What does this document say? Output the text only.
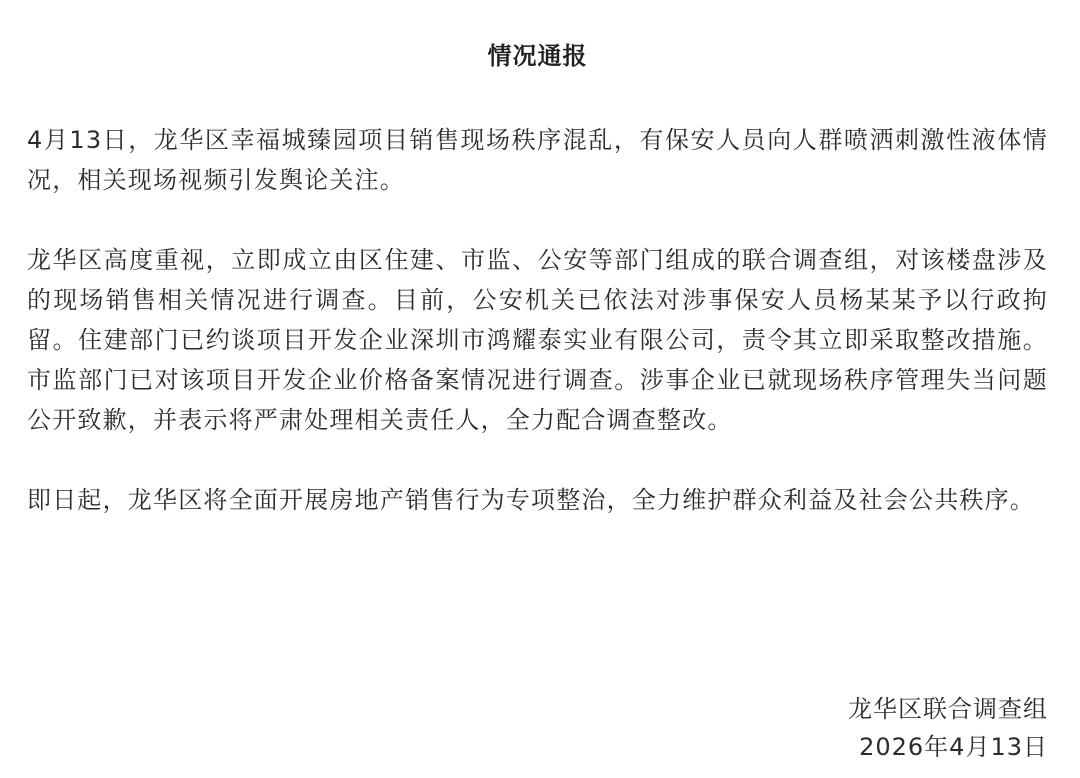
情况通报

4月13日，龙华区幸福城臻园项目销售现场秩序混乱，有保安人员向人群喷洒刺激性液体情况，相关现场视频引发舆论关注。

龙华区高度重视，立即成立由区住建、市监、公安等部门组成的联合调查组，对该楼盘涉及的现场销售相关情况进行调查。目前，公安机关已依法对涉事保安人员杨某某予以行政拘留。住建部门已约谈项目开发企业深圳市鸿耀泰实业有限公司，责令其立即采取整改措施。市监部门已对该项目开发企业价格备案情况进行调查。涉事企业已就现场秩序管理失当问题公开致歉，并表示将严肃处理相关责任人，全力配合调查整改。

即日起，龙华区将全面开展房地产销售行为专项整治，全力维护群众利益及社会公共秩序。

龙华区联合调查组
2026年4月13日
